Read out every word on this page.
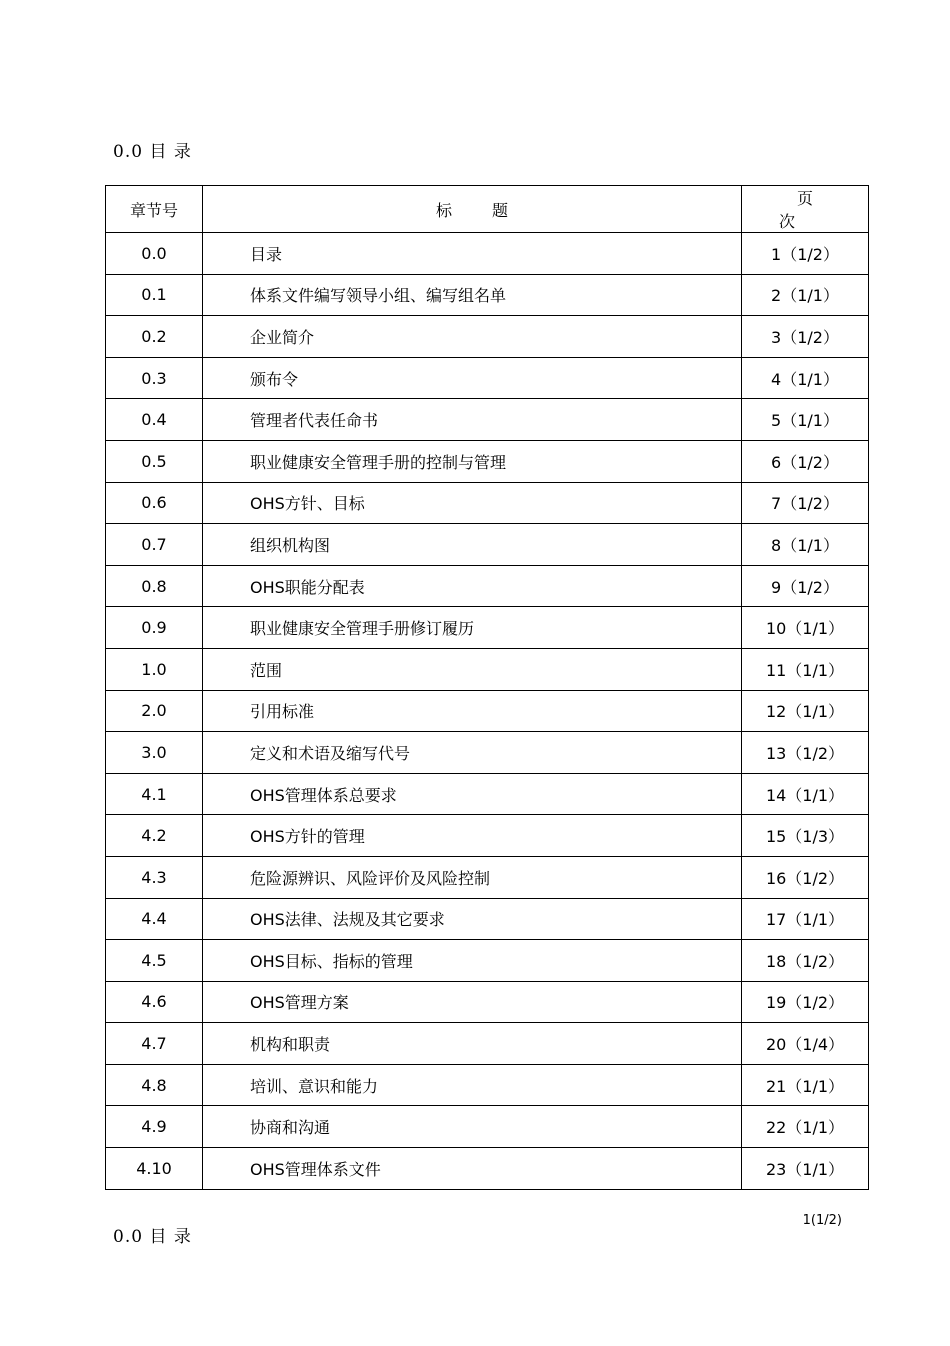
0.0 目 录
章节号	标题	页次
0.0	目录	1（1/2）
0.1	体系文件编写领导小组、编写组名单	2（1/1）
0.2	企业简介	3（1/2）
0.3	颁布令	4（1/1）
0.4	管理者代表任命书	5（1/1）
0.5	职业健康安全管理手册的控制与管理	6（1/2）
0.6	OHS方针、目标	7（1/2）
0.7	组织机构图	8（1/1）
0.8	OHS职能分配表	9（1/2）
0.9	职业健康安全管理手册修订履历	10（1/1）
1.0	范围	11（1/1）
2.0	引用标准	12（1/1）
3.0	定义和术语及缩写代号	13（1/2）
4.1	OHS管理体系总要求	14（1/1）
4.2	OHS方针的管理	15（1/3）
4.3	危险源辨识、风险评价及风险控制	16（1/2）
4.4	OHS法律、法规及其它要求	17（1/1）
4.5	OHS目标、指标的管理	18（1/2）
4.6	OHS管理方案	19（1/2）
4.7	机构和职责	20（1/4）
4.8	培训、意识和能力	21（1/1）
4.9	协商和沟通	22（1/1）
4.10	OHS管理体系文件	23（1/1）
1(1/2)
0.0 目 录
